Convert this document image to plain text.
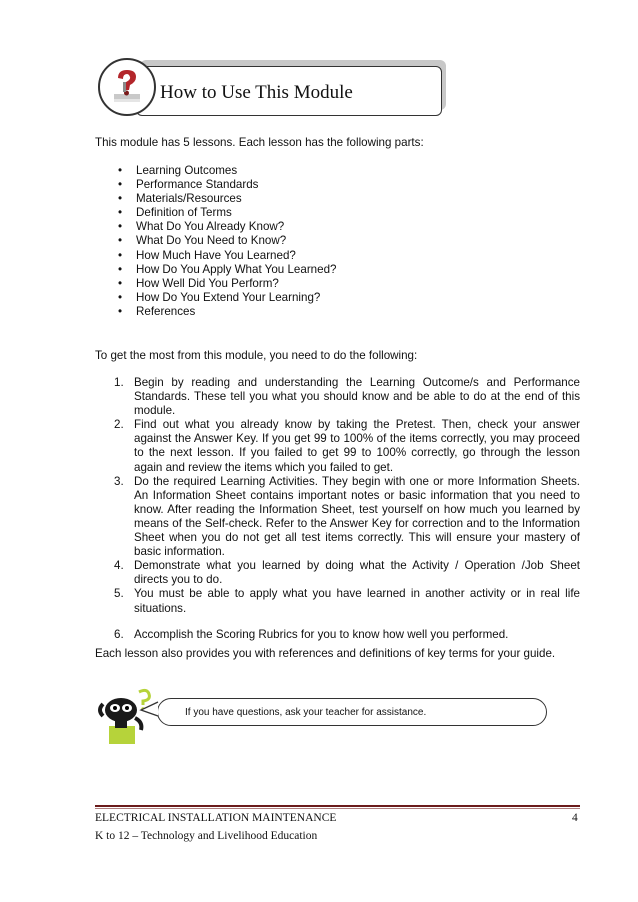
How to Use This Module
This module has 5 lessons. Each lesson has the following parts:
• Learning Outcomes
• Performance Standards
• Materials/Resources
• Definition of Terms
• What Do You Already Know?
• What Do You Need to Know?
• How Much Have You Learned?
• How Do You Apply What You Learned?
• How Well Did You Perform?
• How Do You Extend Your Learning?
• References
To get the most from this module, you need to do the following:
1. Begin by reading and understanding the Learning Outcome/s and Performance Standards. These tell you what you should know and be able to do at the end of this module.
2. Find out what you already know by taking the Pretest. Then, check your answer against the Answer Key. If you get 99 to 100% of the items correctly, you may proceed to the next lesson. If you failed to get 99 to 100% correctly, go through the lesson again and review the items which you failed to get.
3. Do the required Learning Activities. They begin with one or more Information Sheets. An Information Sheet contains important notes or basic information that you need to know. After reading the Information Sheet, test yourself on how much you learned by means of the Self-check. Refer to the Answer Key for correction and to the Information Sheet when you do not get all test items correctly. This will ensure your mastery of basic information.
4. Demonstrate what you learned by doing what the Activity / Operation /Job Sheet directs you to do.
5. You must be able to apply what you have learned in another activity or in real life situations.
6. Accomplish the Scoring Rubrics for you to know how well you performed.
Each lesson also provides you with references and definitions of key terms for your guide.
If you have questions, ask your teacher for assistance.
ELECTRICAL INSTALLATION MAINTENANCE
K to 12 – Technology and Livelihood Education
4
